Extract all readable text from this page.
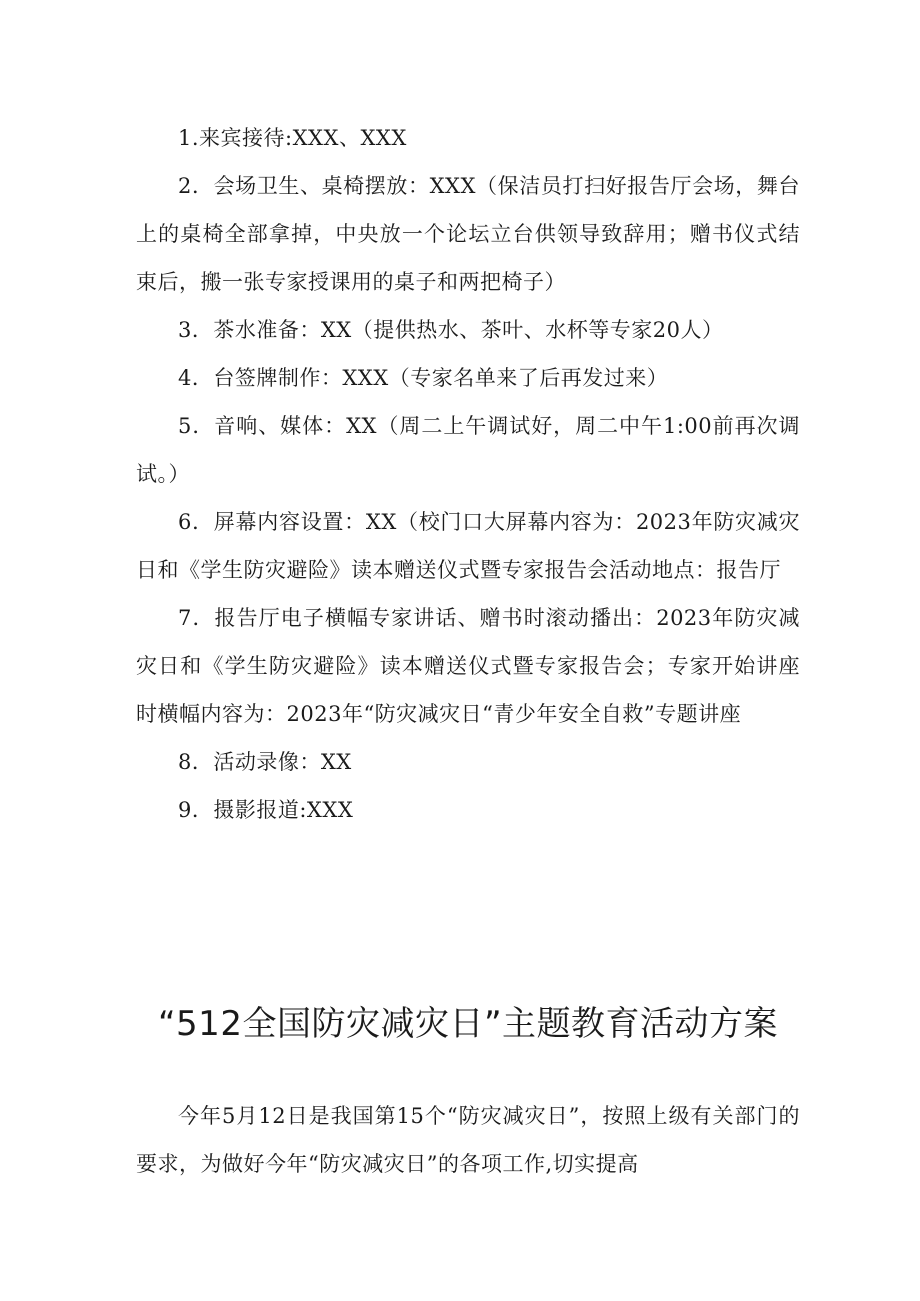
1.来宾接待:XXX、XXX

2．会场卫生、桌椅摆放：XXX（保洁员打扫好报告厅会场，舞台上的桌椅全部拿掉，中央放一个论坛立台供领导致辞用；赠书仪式结束后，搬一张专家授课用的桌子和两把椅子）

3．茶水准备：XX（提供热水、茶叶、水杯等专家20人）

4．台签牌制作：XXX（专家名单来了后再发过来）

5．音响、媒体：XX（周二上午调试好，周二中午1:00前再次调试。）

6．屏幕内容设置：XX（校门口大屏幕内容为：2023年防灾减灾日和《学生防灾避险》读本赠送仪式暨专家报告会活动地点：报告厅

7．报告厅电子横幅专家讲话、赠书时滚动播出：2023年防灾减灾日和《学生防灾避险》读本赠送仪式暨专家报告会；专家开始讲座时横幅内容为：2023年“防灾减灾日“青少年安全自救”专题讲座

8．活动录像：XX

9．摄影报道:XXX

“512全国防灾减灾日”主题教育活动方案

今年5月12日是我国第15个“防灾减灾日”，按照上级有关部门的要求，为做好今年“防灾减灾日”的各项工作,切实提高
